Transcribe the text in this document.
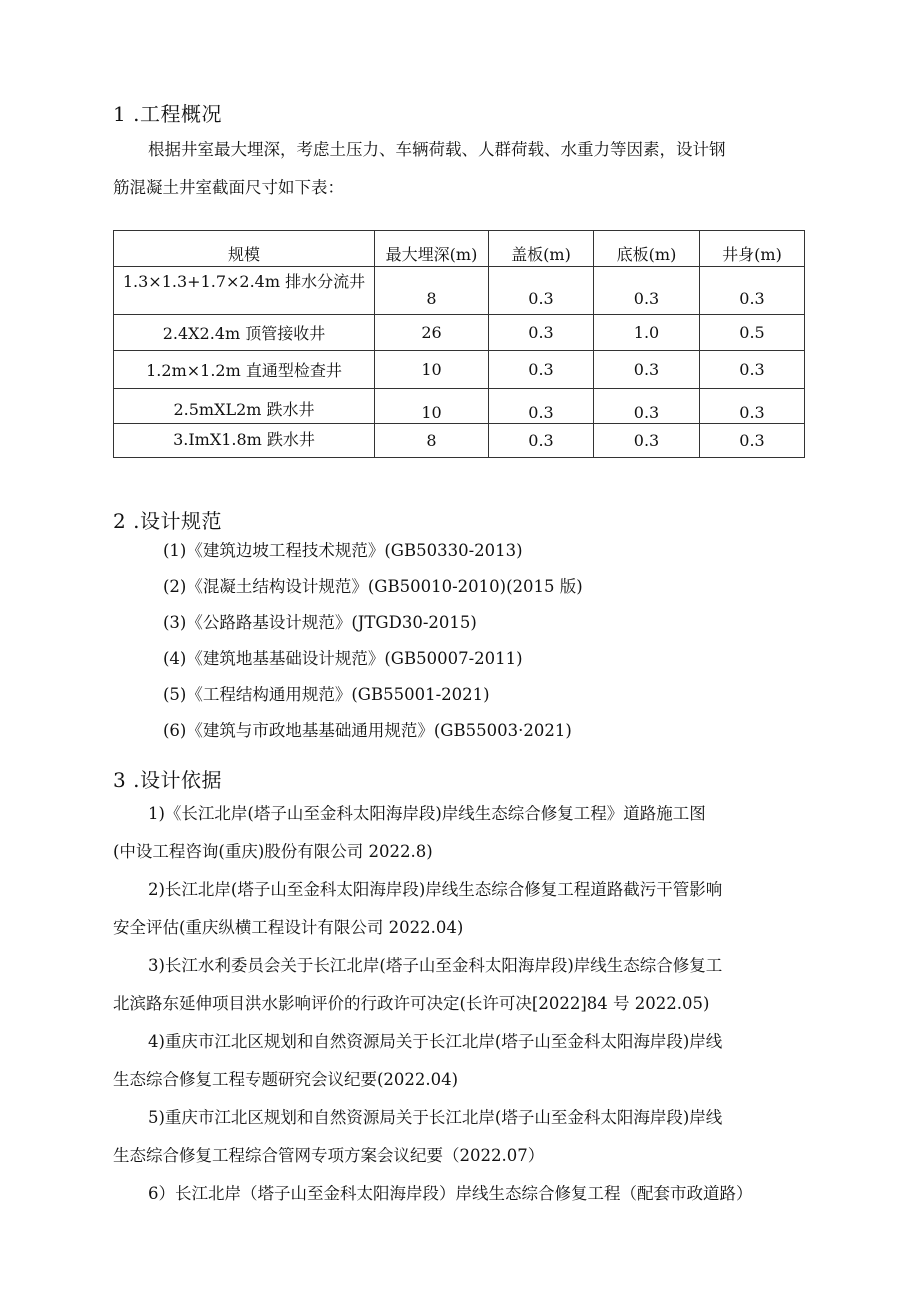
1 .工程概况
根据井室最大埋深，考虑土压力、车辆荷载、人群荷载、水重力等因素，设计钢
筋混凝土井室截面尺寸如下表：
规模	最大埋深(m)	盖板(m)	底板(m)	井身(m)
1.3×1.3+1.7×2.4m 排水分流井	8	0.3	0.3	0.3
2.4X2.4m 顶管接收井	26	0.3	1.0	0.5
1.2m×1.2m 直通型检查井	10	0.3	0.3	0.3
2.5mXL2m 跌水井	10	0.3	0.3	0.3
3.ImX1.8m 跌水井	8	0.3	0.3	0.3
2 .设计规范
(1)《建筑边坡工程技术规范》(GB50330-2013)
(2)《混凝土结构设计规范》(GB50010-2010)(2015 版)
(3)《公路路基设计规范》(JTGD30-2015)
(4)《建筑地基基础设计规范》(GB50007-2011)
(5)《工程结构通用规范》(GB55001-2021)
(6)《建筑与市政地基基础通用规范》(GB55003·2021)
3 .设计依据
1)《长江北岸(塔子山至金科太阳海岸段)岸线生态综合修复工程》道路施工图
(中设工程咨询(重庆)股份有限公司 2022.8)
2)长江北岸(塔子山至金科太阳海岸段)岸线生态综合修复工程道路截污干管影响
安全评估(重庆纵横工程设计有限公司 2022.04)
3)长江水利委员会关于长江北岸(塔子山至金科太阳海岸段)岸线生态综合修复工
北滨路东延伸项目洪水影响评价的行政许可决定(长许可决[2022]84 号 2022.05)
4)重庆市江北区规划和自然资源局关于长江北岸(塔子山至金科太阳海岸段)岸线
生态综合修复工程专题研究会议纪要(2022.04)
5)重庆市江北区规划和自然资源局关于长江北岸(塔子山至金科太阳海岸段)岸线
生态综合修复工程综合管网专项方案会议纪要（2022.07）
6）长江北岸（塔子山至金科太阳海岸段）岸线生态综合修复工程（配套市政道路）
